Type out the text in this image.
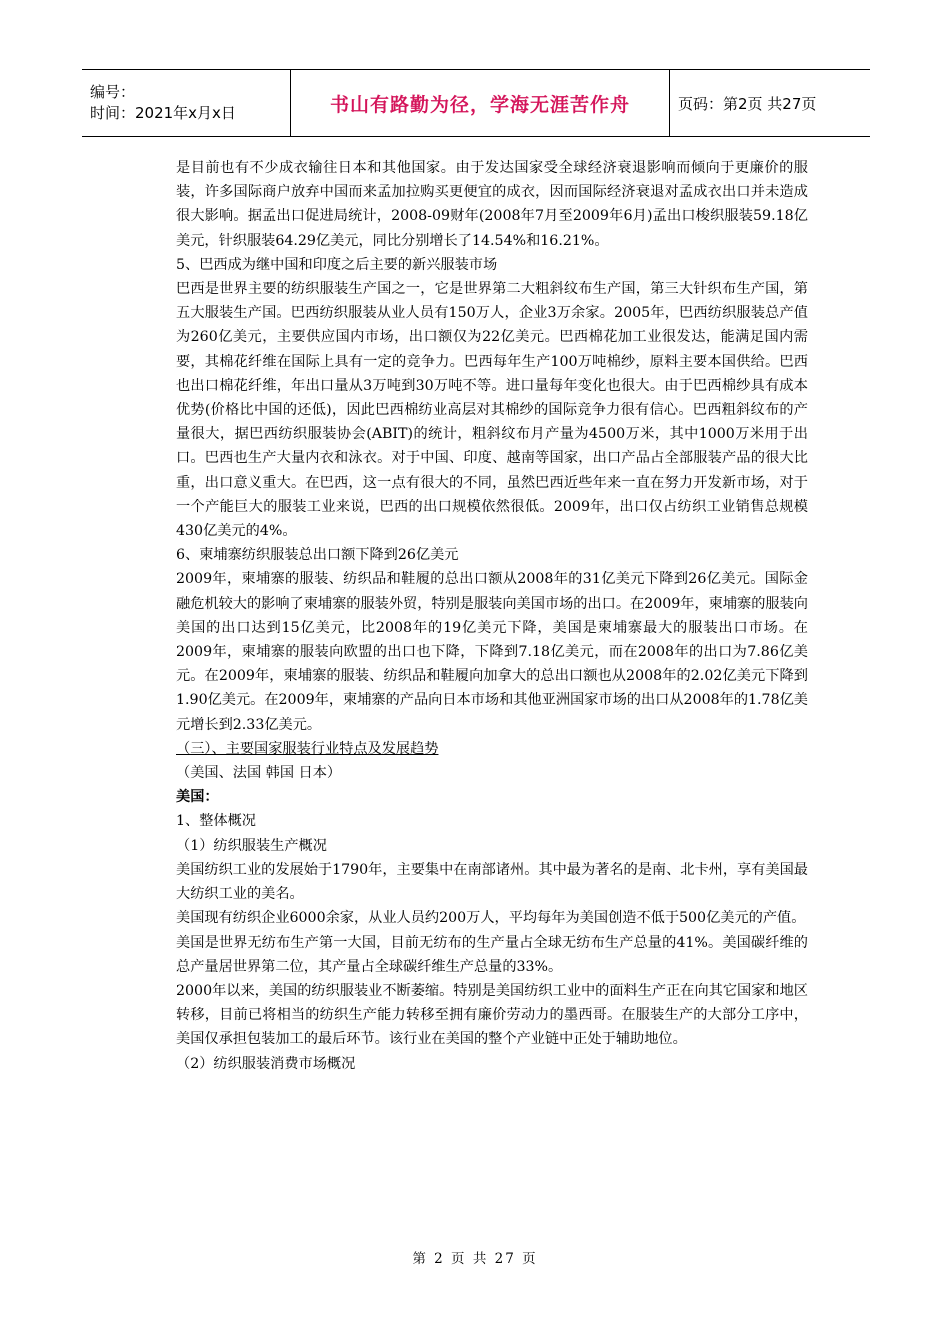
编号：
时间：2021年x月x日	书山有路勤为径，学海无涯苦作舟	页码：第2页 共27页

是目前也有不少成衣输往日本和其他国家。由于发达国家受全球经济衰退影响而倾向于更廉价的服装，许多国际商户放弃中国而来孟加拉购买更便宜的成衣，因而国际经济衰退对孟成衣出口并未造成很大影响。据孟出口促进局统计，2008-09财年(2008年7月至2009年6月)孟出口梭织服装59.18亿美元，针织服装64.29亿美元，同比分别增长了14.54%和16.21%。

5、巴西成为继中国和印度之后主要的新兴服装市场

巴西是世界主要的纺织服装生产国之一，它是世界第二大粗斜纹布生产国，第三大针织布生产国，第五大服装生产国。巴西纺织服装从业人员有150万人，企业3万余家。2005年，巴西纺织服装总产值为260亿美元，主要供应国内市场，出口额仅为22亿美元。巴西棉花加工业很发达，能满足国内需要，其棉花纤维在国际上具有一定的竞争力。巴西每年生产100万吨棉纱，原料主要本国供给。巴西也出口棉花纤维，年出口量从3万吨到30万吨不等。进口量每年变化也很大。由于巴西棉纱具有成本优势(价格比中国的还低)，因此巴西棉纺业高层对其棉纱的国际竞争力很有信心。巴西粗斜纹布的产量很大，据巴西纺织服装协会(ABIT)的统计，粗斜纹布月产量为4500万米，其中1000万米用于出口。巴西也生产大量内衣和泳衣。对于中国、印度、越南等国家，出口产品占全部服装产品的很大比重，出口意义重大。在巴西，这一点有很大的不同，虽然巴西近些年来一直在努力开发新市场，对于一个产能巨大的服装工业来说，巴西的出口规模依然很低。2009年，出口仅占纺织工业销售总规模430亿美元的4%。

6、柬埔寨纺织服装总出口额下降到26亿美元

2009年，柬埔寨的服装、纺织品和鞋履的总出口额从2008年的31亿美元下降到26亿美元。国际金融危机较大的影响了柬埔寨的服装外贸，特别是服装向美国市场的出口。在2009年，柬埔寨的服装向美国的出口达到15亿美元，比2008年的19亿美元下降，美国是柬埔寨最大的服装出口市场。在 2009年，柬埔寨的服装向欧盟的出口也下降，下降到7.18亿美元，而在2008年的出口为7.86亿美元。在2009年，柬埔寨的服装、纺织品和鞋履向加拿大的总出口额也从2008年的2.02亿美元下降到1.90亿美元。在2009年，柬埔寨的产品向日本市场和其他亚洲国家市场的出口从2008年的1.78亿美元增长到2.33亿美元。

（三）、主要国家服装行业特点及发展趋势

（美国、法国 韩国 日本）

美国：

1、整体概况

（1）纺织服装生产概况

美国纺织工业的发展始于1790年，主要集中在南部诸州。其中最为著名的是南、北卡州，享有美国最大纺织工业的美名。

美国现有纺织企业6000余家，从业人员约200万人，平均每年为美国创造不低于500亿美元的产值。

美国是世界无纺布生产第一大国，目前无纺布的生产量占全球无纺布生产总量的41%。美国碳纤维的总产量居世界第二位，其产量占全球碳纤维生产总量的33%。

2000年以来，美国的纺织服装业不断萎缩。特别是美国纺织工业中的面料生产正在向其它国家和地区转移，目前已将相当的纺织生产能力转移至拥有廉价劳动力的墨西哥。在服装生产的大部分工序中，美国仅承担包装加工的最后环节。该行业在美国的整个产业链中正处于辅助地位。

（2）纺织服装消费市场概况

第 2 页 共 27 页
